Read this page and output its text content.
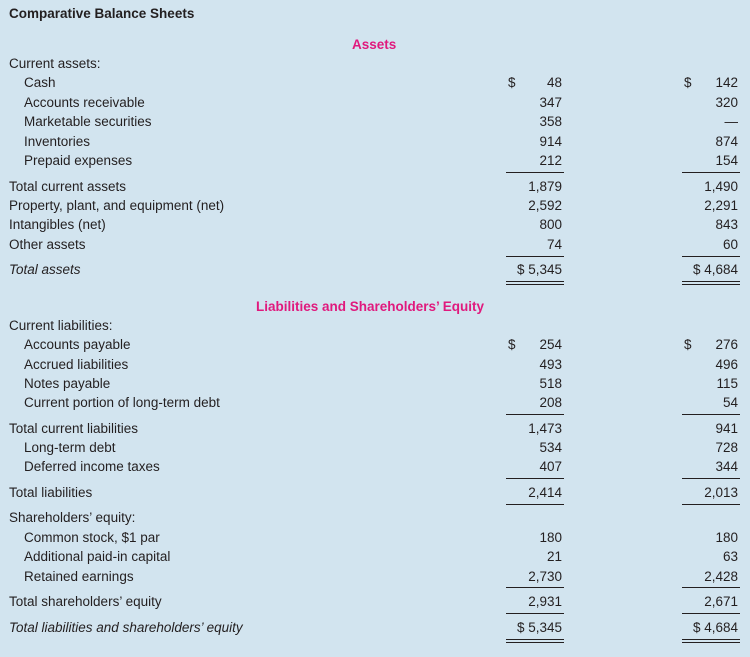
Comparative Balance Sheets
Assets
Current assets:
Cash	$ 48	$ 142
Accounts receivable	347	320
Marketable securities	358	—
Inventories	914	874
Prepaid expenses	212	154
Total current assets	1,879	1,490
Property, plant, and equipment (net)	2,592	2,291
Intangibles (net)	800	843
Other assets	74	60
Total assets	$ 5,345	$ 4,684
Liabilities and Shareholders’ Equity
Current liabilities:
Accounts payable	$ 254	$ 276
Accrued liabilities	493	496
Notes payable	518	115
Current portion of long-term debt	208	54
Total current liabilities	1,473	941
Long-term debt	534	728
Deferred income taxes	407	344
Total liabilities	2,414	2,013
Shareholders’ equity:
Common stock, $1 par	180	180
Additional paid-in capital	21	63
Retained earnings	2,730	2,428
Total shareholders’ equity	2,931	2,671
Total liabilities and shareholders’ equity	$ 5,345	$ 4,684
